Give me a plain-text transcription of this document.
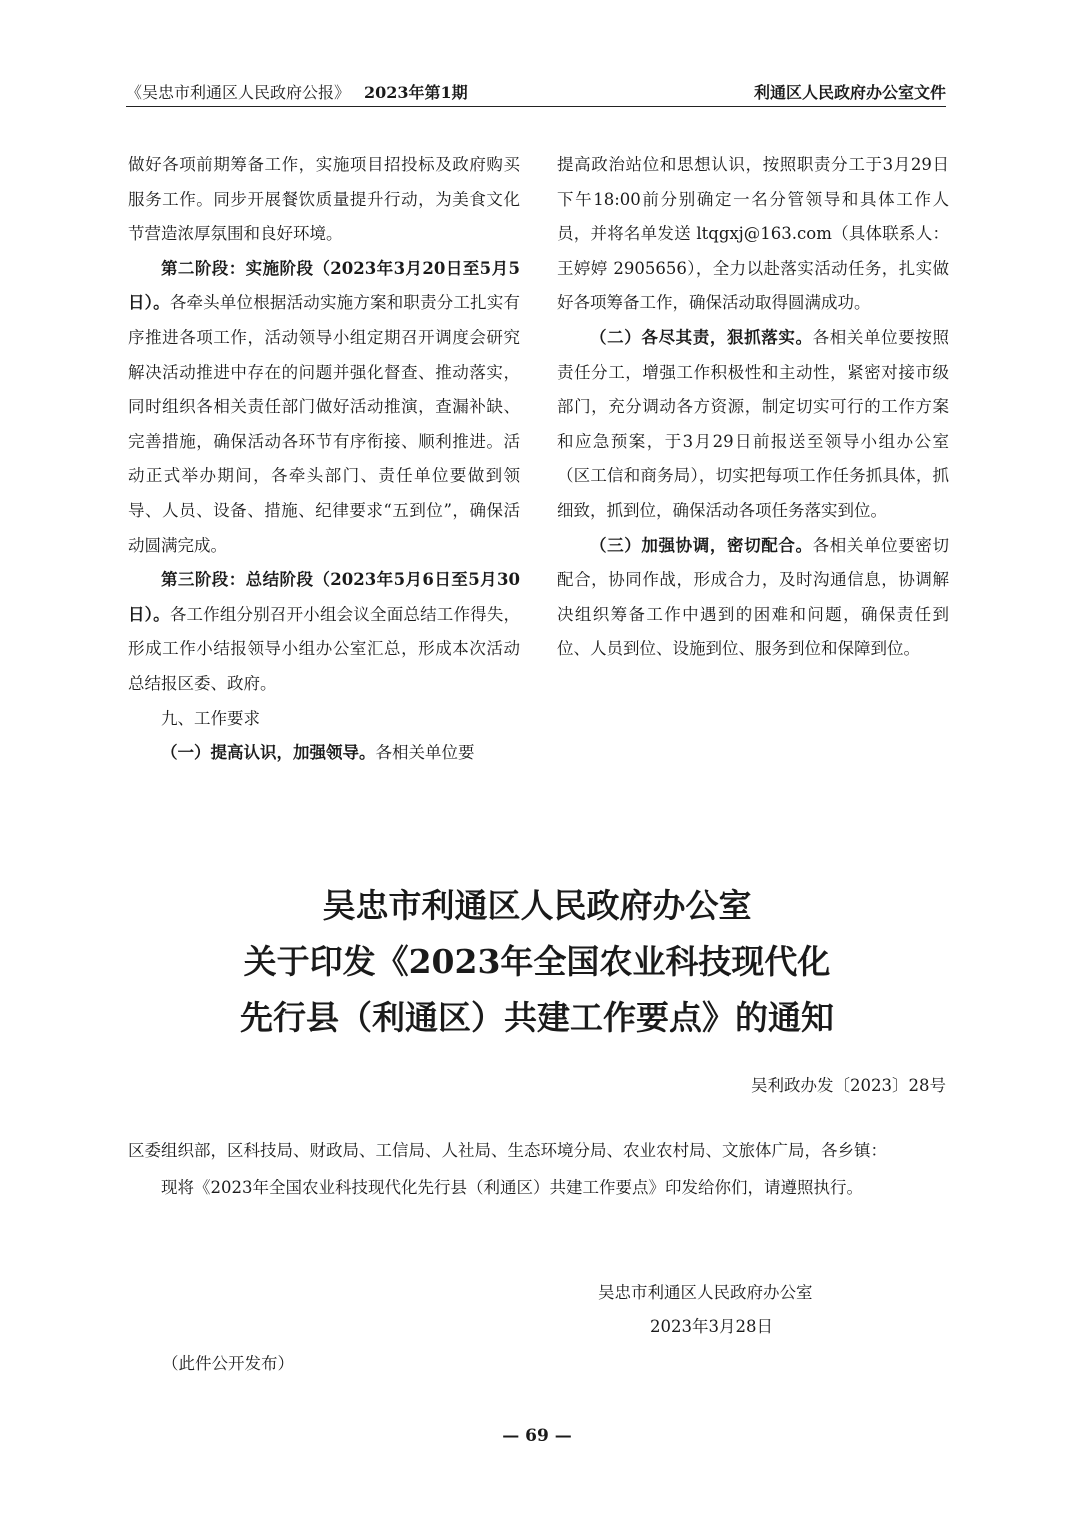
《吴忠市利通区人民政府公报》 2023年第1期	利通区人民政府办公室文件

做好各项前期筹备工作，实施项目招投标及政府购买服务工作。同步开展餐饮质量提升行动，为美食文化节营造浓厚氛围和良好环境。

第二阶段：实施阶段（2023年3月20日至5月5日）。各牵头单位根据活动实施方案和职责分工扎实有序推进各项工作，活动领导小组定期召开调度会研究解决活动推进中存在的问题并强化督查、推动落实，同时组织各相关责任部门做好活动推演，查漏补缺、完善措施，确保活动各环节有序衔接、顺利推进。活动正式举办期间，各牵头部门、责任单位要做到领导、人员、设备、措施、纪律要求“五到位”，确保活动圆满完成。

第三阶段：总结阶段（2023年5月6日至5月30日）。各工作组分别召开小组会议全面总结工作得失，形成工作小结报领导小组办公室汇总，形成本次活动总结报区委、政府。

九、工作要求

（一）提高认识，加强领导。各相关单位要

提高政治站位和思想认识，按照职责分工于3月29日下午18:00前分别确定一名分管领导和具体工作人员，并将名单发送 ltqgxj@163.com（具体联系人：王婷婷 2905656），全力以赴落实活动任务，扎实做好各项筹备工作，确保活动取得圆满成功。

（二）各尽其责，狠抓落实。各相关单位要按照责任分工，增强工作积极性和主动性，紧密对接市级部门，充分调动各方资源，制定切实可行的工作方案和应急预案，于3月29日前报送至领导小组办公室（区工信和商务局），切实把每项工作任务抓具体，抓细致，抓到位，确保活动各项任务落实到位。

（三）加强协调，密切配合。各相关单位要密切配合，协同作战，形成合力，及时沟通信息，协调解决组织筹备工作中遇到的困难和问题，确保责任到位、人员到位、设施到位、服务到位和保障到位。

吴忠市利通区人民政府办公室
关于印发《2023年全国农业科技现代化
先行县（利通区）共建工作要点》的通知
吴利政办发〔2023〕28号

区委组织部，区科技局、财政局、工信局、人社局、生态环境分局、农业农村局、文旅体广局，各乡镇：

现将《2023年全国农业科技现代化先行县（利通区）共建工作要点》印发给你们，请遵照执行。

吴忠市利通区人民政府办公室
2023年3月28日
（此件公开发布）
— 69 —
